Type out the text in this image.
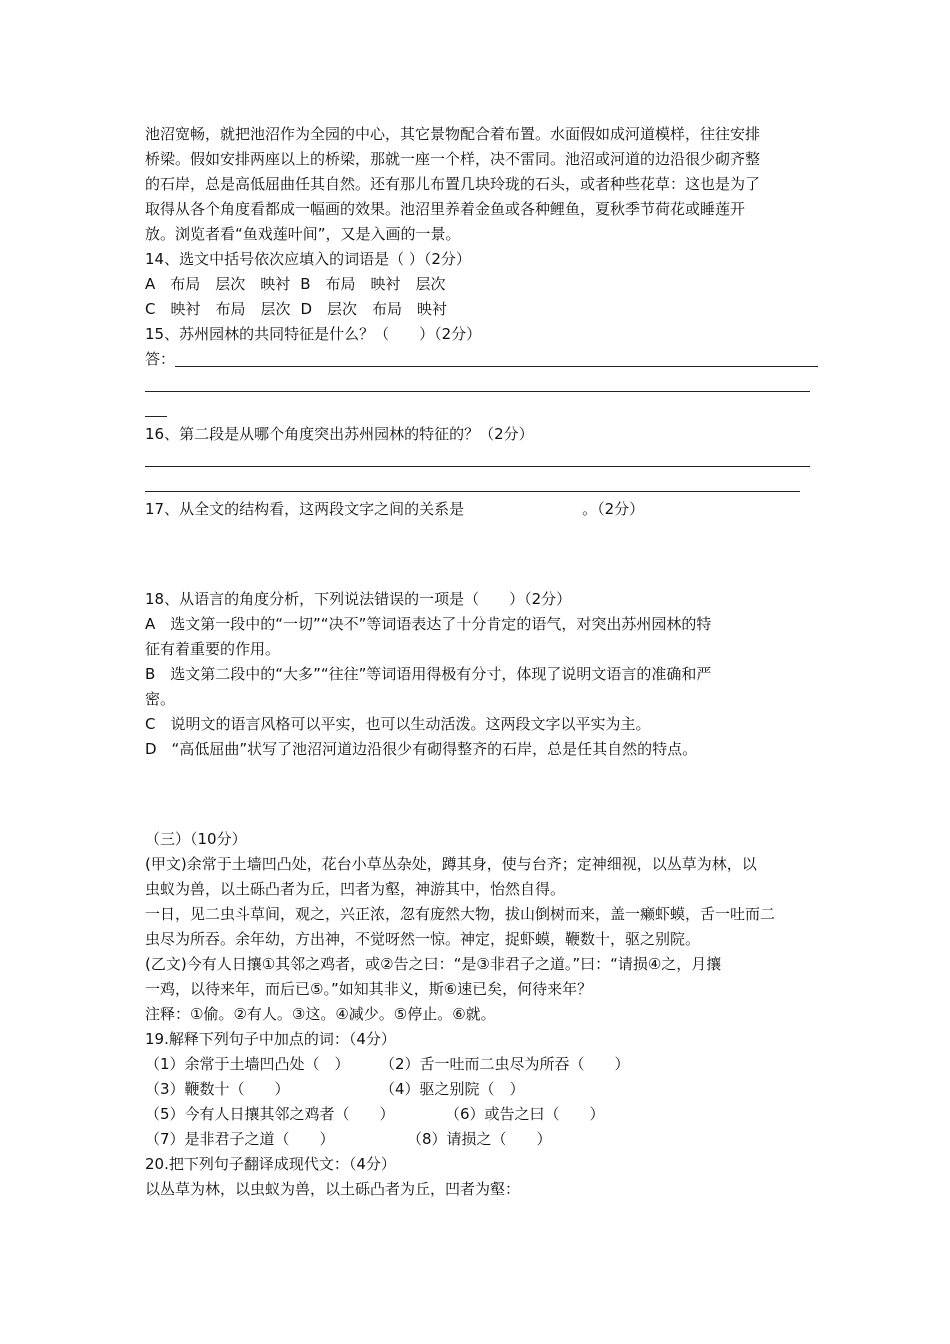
池沼宽畅，就把池沼作为全园的中心，其它景物配合着布置。水面假如成河道模样，往往安排
桥梁。假如安排两座以上的桥梁，那就一座一个样，决不雷同。池沼或河道的边沿很少砌齐整
的石岸，总是高低屈曲任其自然。还有那儿布置几块玲珑的石头，或者种些花草：这也是为了
取得从各个角度看都成一幅画的效果。池沼里养着金鱼或各种鲤鱼，夏秋季节荷花或睡莲开
放。浏览者看“鱼戏莲叶间”，又是入画的一景。
14、选文中括号依次应填入的词语是（ ）（2分）
A　布局　层次　映衬 B　布局　映衬　层次
C　映衬　布局　层次 D　层次　布局　映衬
15、苏州园林的共同特征是什么？（　　）（2分）
答：
16、第二段是从哪个角度突出苏州园林的特征的？（2分）
17、从全文的结构看，这两段文字之间的关系是	。（2分）
18、从语言的角度分析，下列说法错误的一项是（　　）（2分）
A　选文第一段中的“一切”“决不”等词语表达了十分肯定的语气，对突出苏州园林的特
征有着重要的作用。
B　选文第二段中的“大多”“往往”等词语用得极有分寸，体现了说明文语言的准确和严
密。
C　说明文的语言风格可以平实，也可以生动活泼。这两段文字以平实为主。
D　“高低屈曲”状写了池沼河道边沿很少有砌得整齐的石岸，总是任其自然的特点。
（三）（10分）
(甲文)余常于土墙凹凸处，花台小草丛杂处，蹲其身，使与台齐；定神细视，以丛草为林，以
虫蚁为兽，以土砾凸者为丘，凹者为壑，神游其中，怡然自得。
一日，见二虫斗草间，观之，兴正浓，忽有庞然大物，拔山倒树而来，盖一癞虾蟆，舌一吐而二
虫尽为所吞。余年幼，方出神，不觉呀然一惊。神定，捉虾蟆，鞭数十，驱之别院。
(乙文)今有人日攘①其邻之鸡者，或②告之曰：“是③非君子之道。”曰：“请损④之，月攘
一鸡，以待来年，而后已⑤。”如知其非义，斯⑥速已矣，何待来年？
注释：①偷。②有人。③这。④减少。⑤停止。⑥就。
19.解释下列句子中加点的词：（4分）
（1）余常于土墙凹凸处（　）	（2）舌一吐而二虫尽为所吞（　　）
（3）鞭数十（　　）	（4）驱之别院（　）
（5）今有人日攘其邻之鸡者（　　）	（6）或告之曰（　　）
（7）是非君子之道（　　）	（8）请损之（　　）
20.把下列句子翻译成现代文：（4分）
以丛草为林，以虫蚁为兽，以土砾凸者为丘，凹者为壑：
